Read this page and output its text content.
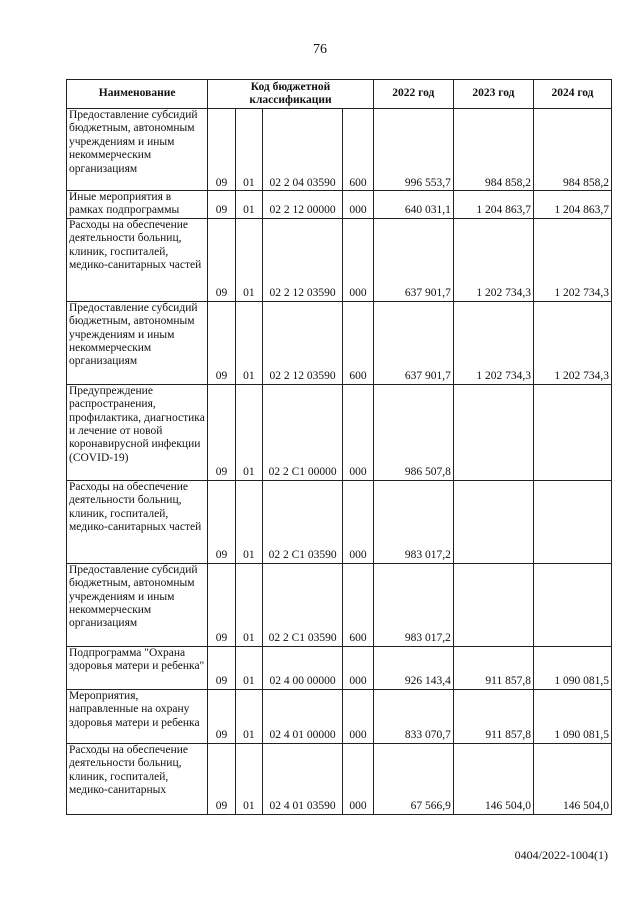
76
Наименование	Код бюджетной классификации				2022 год	2023 год	2024 год
Предоставление субсидий бюджетным, автономным учреждениям и иным некоммерческим организациям	09	01	02 2 04 03590	600	996 553,7	984 858,2	984 858,2
Иные мероприятия в рамках подпрограммы	09	01	02 2 12 00000	000	640 031,1	1 204 863,7	1 204 863,7
Расходы на обеспечение деятельности больниц, клиник, госпиталей, медико-санитарных частей	09	01	02 2 12 03590	000	637 901,7	1 202 734,3	1 202 734,3
Предоставление субсидий бюджетным, автономным учреждениям и иным некоммерческим организациям	09	01	02 2 12 03590	600	637 901,7	1 202 734,3	1 202 734,3
Предупреждение распространения, профилактика, диагностика и лечение от новой коронавирусной инфекции (COVID-19)	09	01	02 2 С1 00000	000	986 507,8		
Расходы на обеспечение деятельности больниц, клиник, госпиталей, медико-санитарных частей	09	01	02 2 С1 03590	000	983 017,2		
Предоставление субсидий бюджетным, автономным учреждениям и иным некоммерческим организациям	09	01	02 2 С1 03590	600	983 017,2		
Подпрограмма "Охрана здоровья матери и ребенка"	09	01	02 4 00 00000	000	926 143,4	911 857,8	1 090 081,5
Мероприятия, направленные на охрану здоровья матери и ребенка	09	01	02 4 01 00000	000	833 070,7	911 857,8	1 090 081,5
Расходы на обеспечение деятельности больниц, клиник, госпиталей, медико-санитарных	09	01	02 4 01 03590	000	67 566,9	146 504,0	146 504,0
0404/2022-1004(1)
